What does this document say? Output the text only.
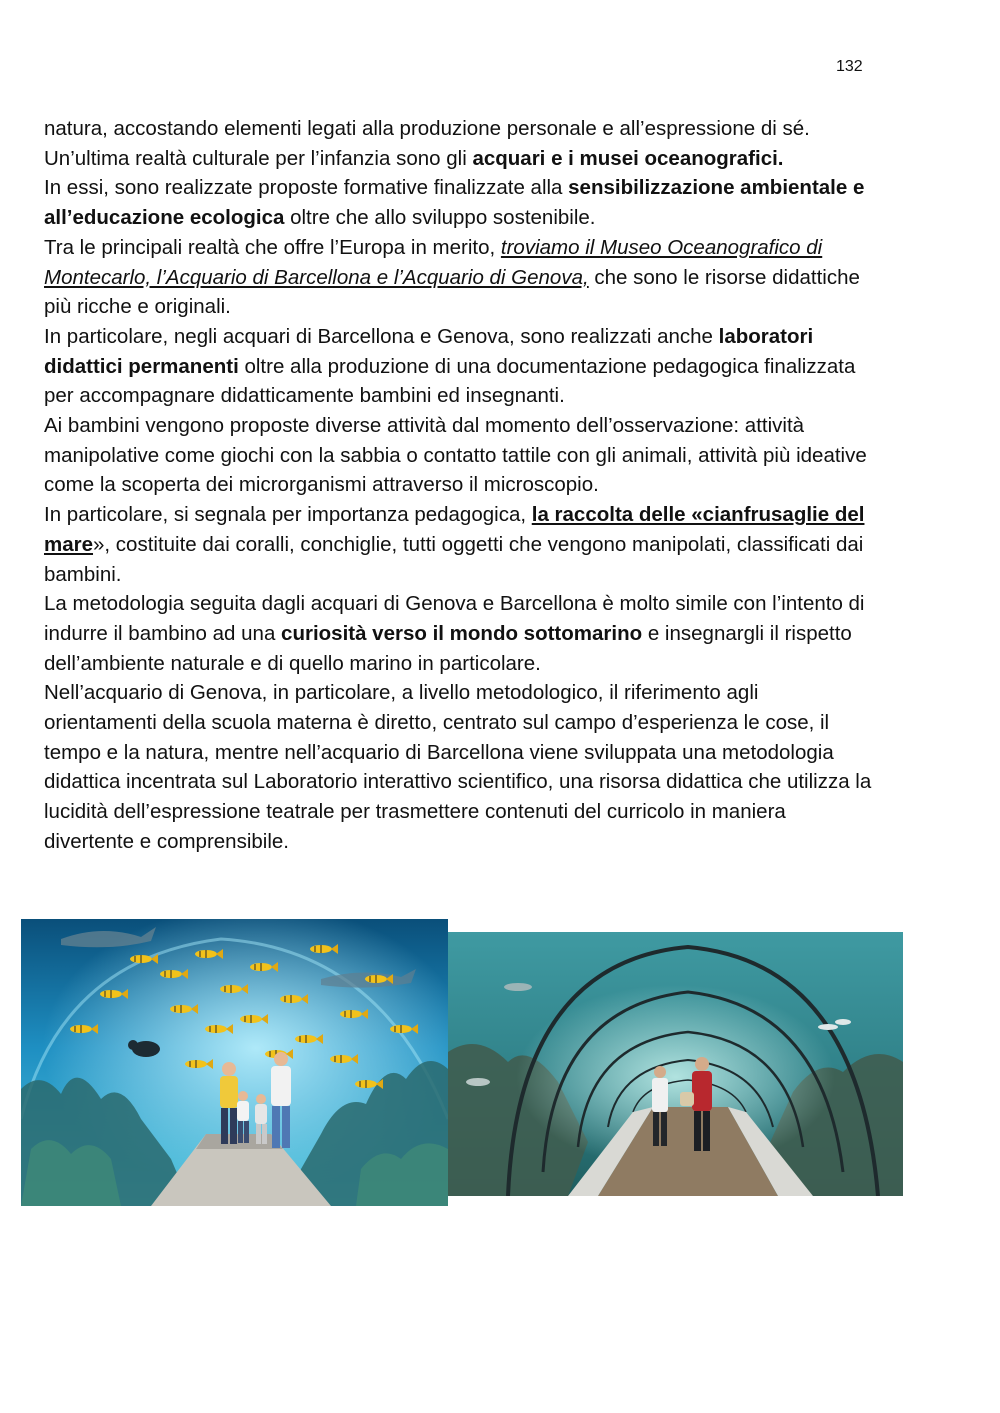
132

natura, accostando elementi legati alla produzione personale e all’espressione di sé.

Un’ultima realtà culturale per l’infanzia sono gli acquari e i musei oceanografici.

In essi, sono realizzate proposte formative finalizzate alla sensibilizzazione ambientale e all’educazione ecologica oltre che allo sviluppo sostenibile.

Tra le principali realtà che offre l’Europa in merito, troviamo il Museo Oceanografico di Montecarlo, l’Acquario di Barcellona e l’Acquario di Genova, che sono le risorse didattiche più ricche e originali.

In particolare, negli acquari di Barcellona e Genova, sono realizzati anche laboratori didattici permanenti oltre alla produzione di una documentazione pedagogica finalizzata per accompagnare didatticamente bambini ed insegnanti.

Ai bambini vengono proposte diverse attività dal momento dell’osservazione: attività manipolative come giochi con la sabbia o contatto tattile con gli animali, attività più ideative come la scoperta dei microrganismi attraverso il microscopio.

In particolare, si segnala per importanza pedagogica, la raccolta delle «cianfrusaglie del mare», costituite dai coralli, conchiglie, tutti oggetti che vengono manipolati, classificati dai bambini.

La metodologia seguita dagli acquari di Genova e Barcellona è molto simile con l’intento di indurre il bambino ad una curiosità verso il mondo sottomarino e insegnargli il rispetto dell’ambiente naturale e di quello marino in particolare.

Nell’acquario di Genova, in particolare, a livello metodologico, il riferimento agli orientamenti della scuola materna è diretto, centrato sul campo d’esperienza le cose, il tempo e la natura, mentre nell’acquario di Barcellona viene sviluppata una metodologia didattica incentrata sul Laboratorio interattivo scientifico, una risorsa didattica che utilizza la lucidità dell’espressione teatrale per trasmettere contenuti del curricolo in maniera divertente e comprensibile.
